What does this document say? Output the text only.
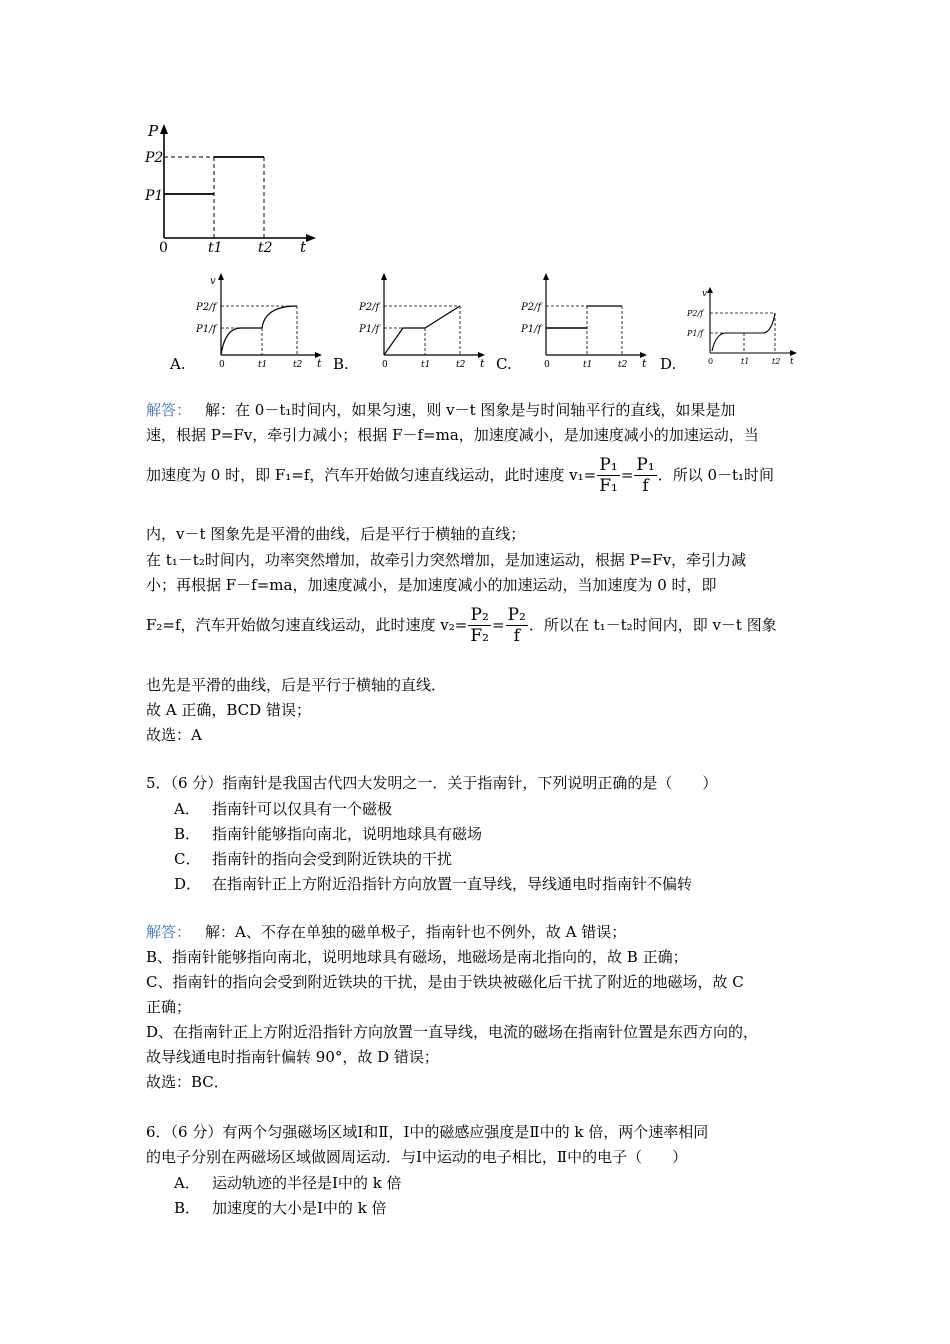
P
P2
P1
0	t1	t2 t
A.
v
P2/f
P1/f
0	t1	t2 t B.
P2/f
P1/f
0	t1	t2 t C.
P2/f
P1/f
0	t1	t2 t D.
v
P2/f
P1/f
0	t1	t2 t
解答： 解：在 0－t₁时间内，如果匀速，则 v－t 图象是与时间轴平行的直线，如果是加
速，根据 P=Fv，牵引力减小；根据 F－f=ma，加速度减小，是加速度减小的加速运动，当
加速度为 0 时，即 F₁=f，汽车开始做匀速直线运动，此时速度 $v_1= \frac{\text{P₁}}{\text{F₁}} = \frac{\text{P₁}}{f}$ ．所以 0－t₁时间
内，v－t 图象先是平滑的曲线，后是平行于横轴的直线；
在 t₁－t₂时间内，功率突然增加，故牵引力突然增加，是加速运动，根据 P=Fv，牵引力减
小；再根据 F－f=ma，加速度减小，是加速度减小的加速运动，当加速度为 0 时，即
F₂=f，汽车开始做匀速直线运动，此时速度 $v_2= \frac{\text{P₂}}{\text{F₂}} = \frac{\text{P₂}}{f}$ ．所以在 t₁－t₂时间内，即 v－t 图象
也先是平滑的曲线，后是平行于横轴的直线．
故 A 正确，BCD 错误；
故选：A
5．（6 分）指南针是我国古代四大发明之一．关于指南针，下列说明正确的是（　　）
A． 指南针可以仅具有一个磁极
B． 指南针能够指向南北，说明地球具有磁场
C． 指南针的指向会受到附近铁块的干扰
D． 在指南针正上方附近沿指针方向放置一直导线，导线通电时指南针不偏转
解答： 解：A、不存在单独的磁单极子，指南针也不例外，故 A 错误；
B、指南针能够指向南北，说明地球具有磁场，地磁场是南北指向的，故 B 正确；
C、指南针的指向会受到附近铁块的干扰，是由于铁块被磁化后干扰了附近的地磁场，故 C
正确；
D、在指南针正上方附近沿指针方向放置一直导线，电流的磁场在指南针位置是东西方向的，
故导线通电时指南针偏转 90°，故 D 错误；
故选：BC．
6．（6 分）有两个匀强磁场区域Ⅰ和Ⅱ，Ⅰ中的磁感应强度是Ⅱ中的 k 倍，两个速率相同
的电子分别在两磁场区域做圆周运动．与Ⅰ中运动的电子相比，Ⅱ中的电子（　　）
A． 运动轨迹的半径是Ⅰ中的 k 倍
B． 加速度的大小是Ⅰ中的 k 倍
